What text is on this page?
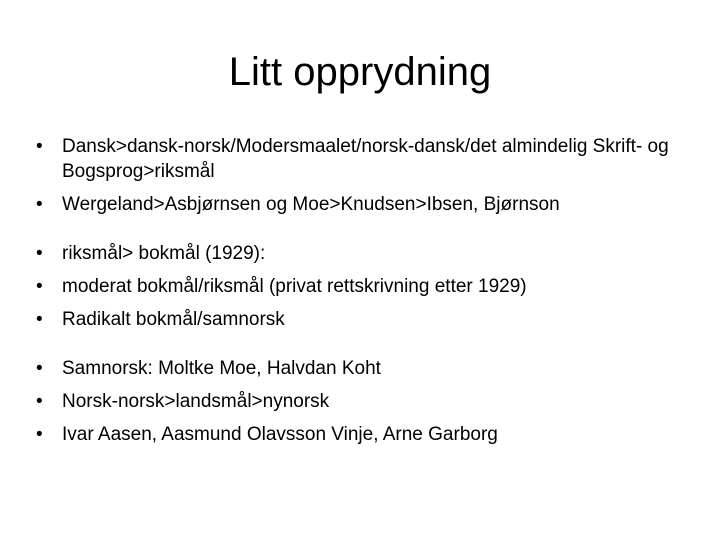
Litt opprydning
•	Dansk>dansk-norsk/Modersmaalet/norsk-dansk/det almindelig Skrift- og Bogsprog>riksmål
•	Wergeland>Asbjørnsen og Moe>Knudsen>Ibsen, Bjørnson
•	riksmål> bokmål (1929):
•	moderat bokmål/riksmål (privat rettskrivning etter 1929)
•	Radikalt bokmål/samnorsk
•	Samnorsk: Moltke Moe, Halvdan Koht
•	Norsk-norsk>landsmål>nynorsk
•	Ivar Aasen, Aasmund Olavsson Vinje, Arne Garborg
